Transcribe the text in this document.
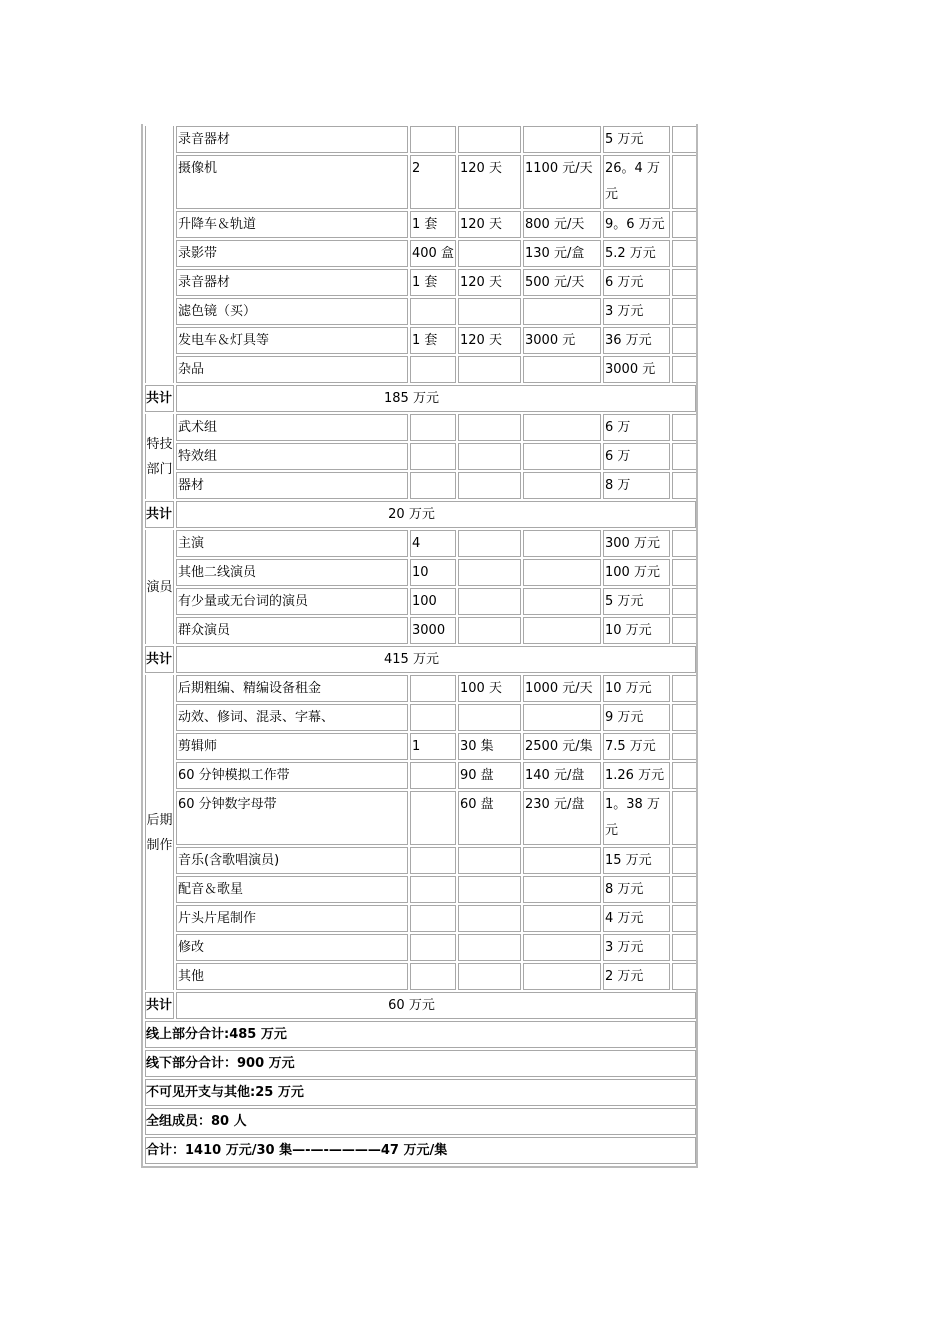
	录音器材				5 万元	
	摄像机	2	120 天	1100 元/天	26。4 万元	
	升降车＆轨道	1 套	120 天	800 元/天	9。6 万元	
	录影带	400 盒		130 元/盒	5.2 万元	
	录音器材	1 套	120 天	500 元/天	6 万元	
	滤色镜（买）				3 万元	
	发电车＆灯具等	1 套	120 天	3000 元	36 万元	
	杂品				3000 元	
共计	185 万元					
特技部门	武术组				6 万	
	特效组				6 万	
	器材				8 万	
共计	20 万元					
演员	主演	4			300 万元	
	其他二线演员	10			100 万元	
	有少量或无台词的演员	100			5 万元	
	群众演员	3000			10 万元	
共计	415 万元					
后期制作	后期粗编、精编设备租金		100 天	1000 元/天	10 万元	
	动效、修词、混录、字幕、				9 万元	
	剪辑师	1	30 集	2500 元/集	7.5 万元	
	60 分钟模拟工作带		90 盘	140 元/盘	1.26 万元	
	60 分钟数字母带		60 盘	230 元/盘	1。38 万元	
	音乐(含歌唱演员)				15 万元	
	配音＆歌星				8 万元	
	片头片尾制作				4 万元	
	修改				3 万元	
	其他				2 万元	
共计	60 万元					
线上部分合计:485 万元						
线下部分合计：900 万元						
不可见开支与其他:25 万元						
全组成员：80 人						
合计：1410 万元/30 集—-—-————47 万元/集						
